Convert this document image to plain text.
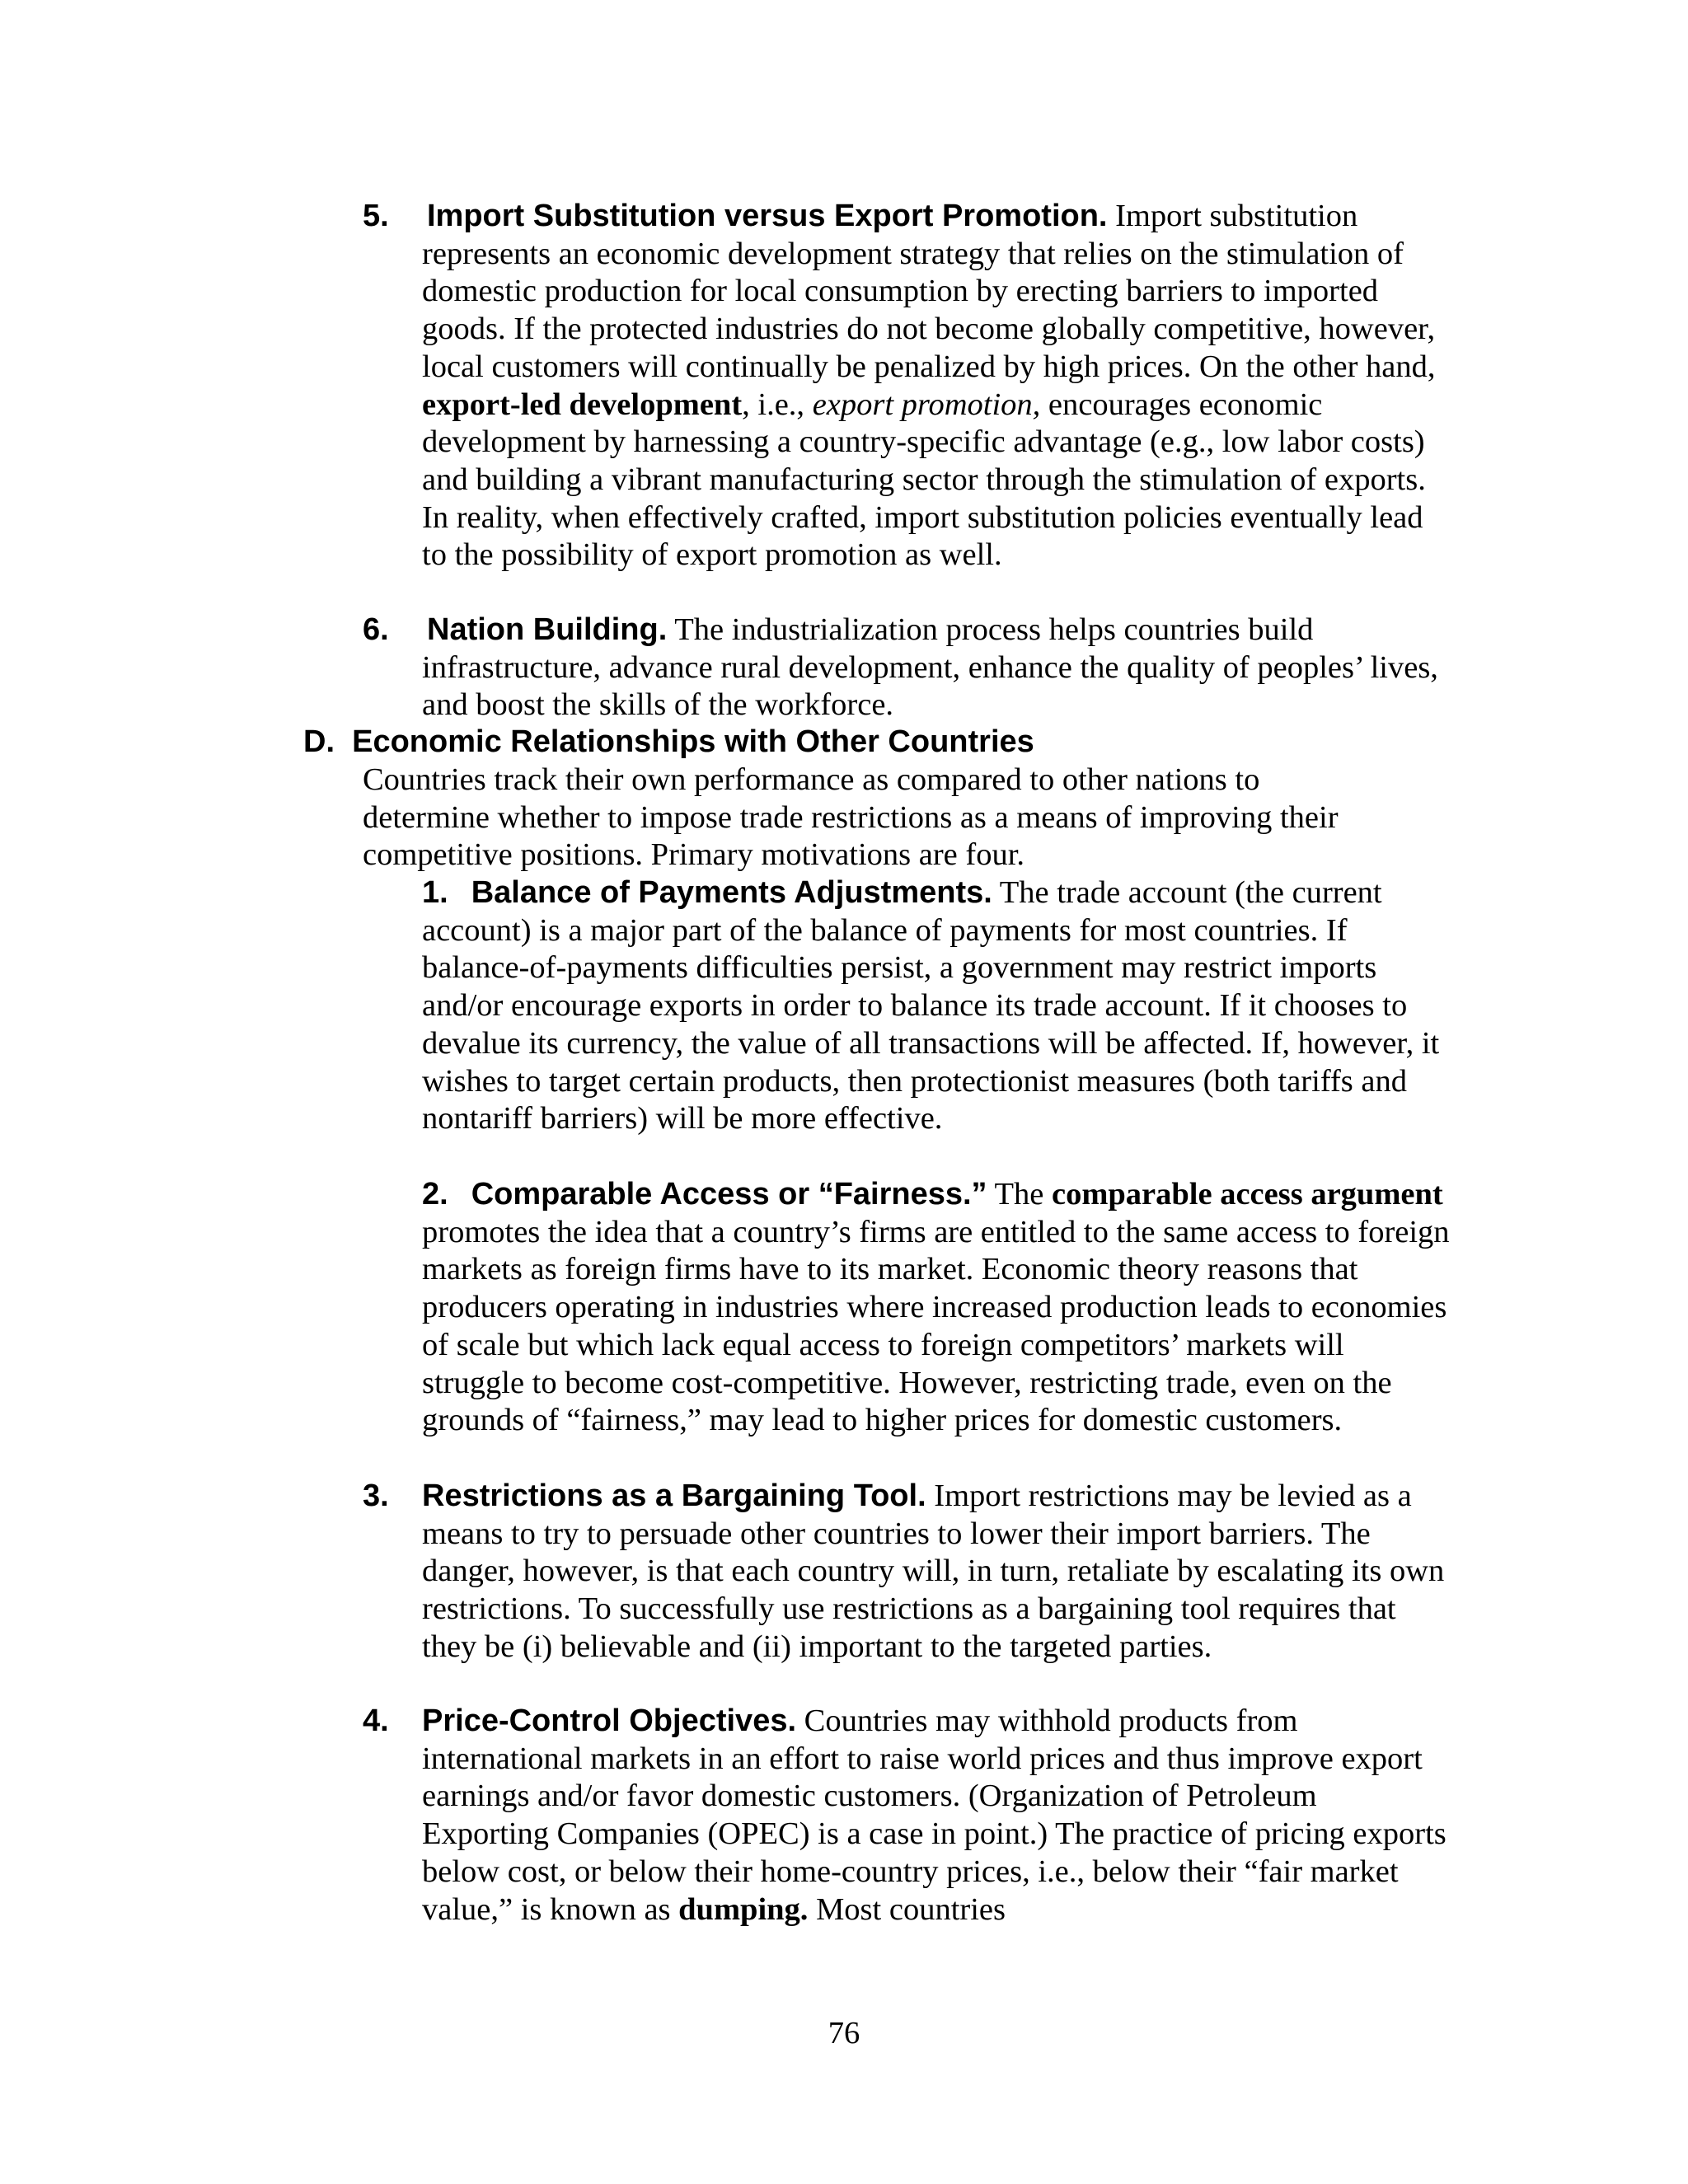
5. Import Substitution versus Export Promotion. Import substitution represents an economic development strategy that relies on the stimulation of domestic production for local consumption by erecting barriers to imported goods. If the protected industries do not become globally competitive, however, local customers will continually be penalized by high prices. On the other hand, export-led development, i.e., export promotion, encourages economic development by harnessing a country-specific advantage (e.g., low labor costs) and building a vibrant manufacturing sector through the stimulation of exports. In reality, when effectively crafted, import substitution policies eventually lead to the possibility of export promotion as well.
6. Nation Building. The industrialization process helps countries build infrastructure, advance rural development, enhance the quality of peoples’ lives, and boost the skills of the workforce.
D.  Economic Relationships with Other Countries
Countries track their own performance as compared to other nations to determine whether to impose trade restrictions as a means of improving their competitive positions. Primary motivations are four.
1. Balance of Payments Adjustments. The trade account (the current account) is a major part of the balance of payments for most countries. If balance-of-payments difficulties persist, a government may restrict imports and/or encourage exports in order to balance its trade account. If it chooses to devalue its currency, the value of all transactions will be affected. If, however, it wishes to target certain products, then protectionist measures (both tariffs and nontariff barriers) will be more effective.
2. Comparable Access or “Fairness.” The comparable access argument promotes the idea that a country’s firms are entitled to the same access to foreign markets as foreign firms have to its market. Economic theory reasons that producers operating in industries where increased production leads to economies of scale but which lack equal access to foreign competitors’ markets will struggle to become cost-competitive. However, restricting trade, even on the grounds of “fairness,” may lead to higher prices for domestic customers.
3. Restrictions as a Bargaining Tool. Import restrictions may be levied as a means to try to persuade other countries to lower their import barriers. The danger, however, is that each country will, in turn, retaliate by escalating its own restrictions. To successfully use restrictions as a bargaining tool requires that they be (i) believable and (ii) important to the targeted parties.
4. Price-Control Objectives. Countries may withhold products from international markets in an effort to raise world prices and thus improve export earnings and/or favor domestic customers. (Organization of Petroleum Exporting Companies (OPEC) is a case in point.) The practice of pricing exports below cost, or below their home-country prices, i.e., below their “fair market value,” is known as dumping. Most countries
76
